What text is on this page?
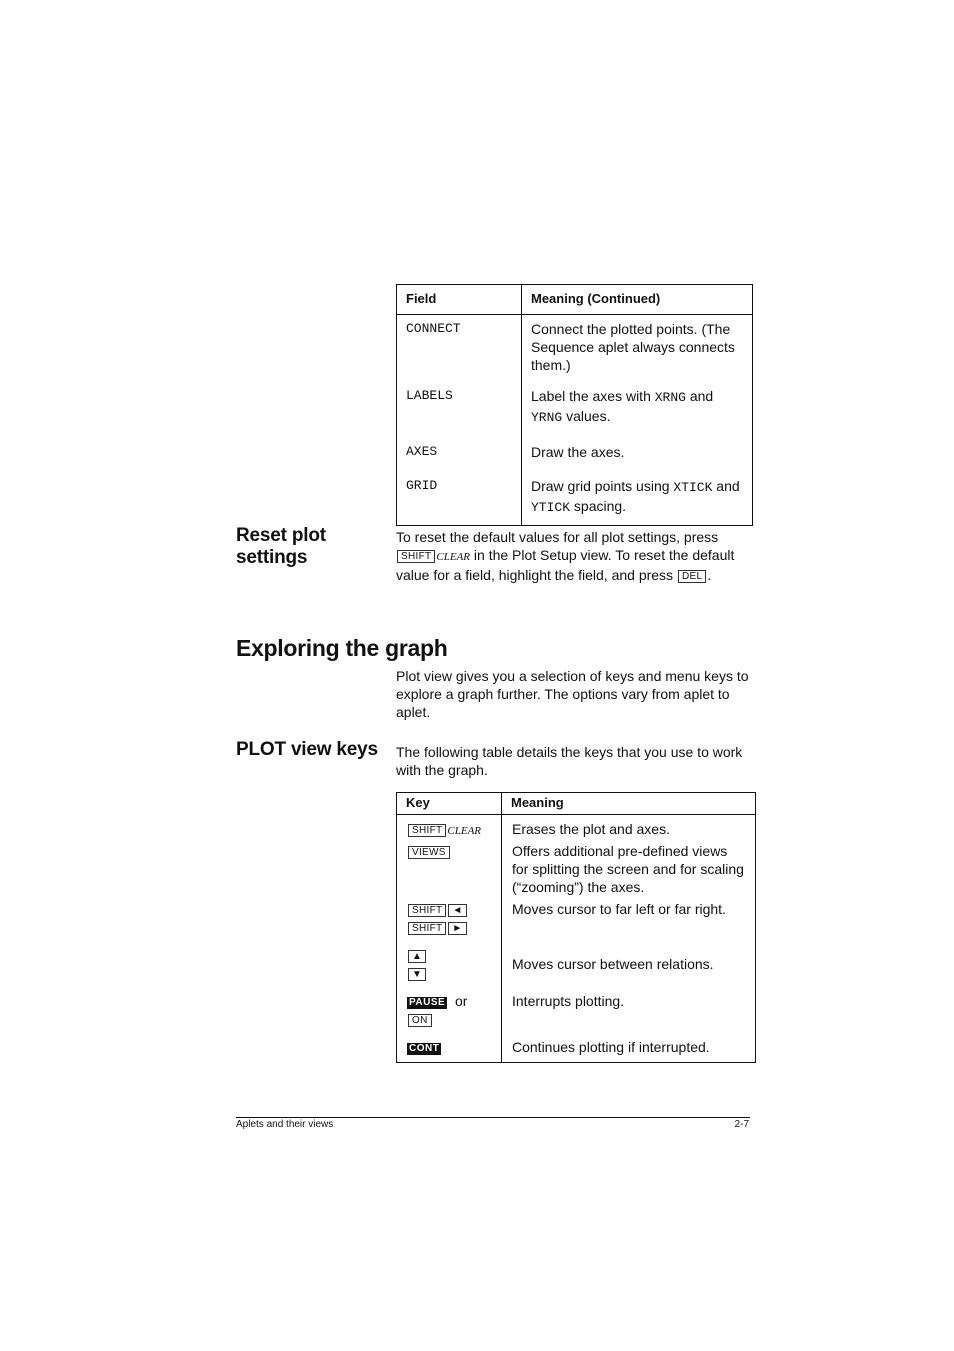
Field	Meaning (Continued)
CONNECT	Connect the plotted points. (The Sequence aplet always connects them.)
LABELS	Label the axes with XRNG and YRNG values.
AXES	Draw the axes.
GRID	Draw grid points using XTICK and YTICK spacing.
Reset plot
settings
To reset the default values for all plot settings, press
SHIFT CLEAR in the Plot Setup view. To reset the default value for a field, highlight the field, and press DEL .
Exploring the graph
Plot view gives you a selection of keys and menu keys to explore a graph further. The options vary from aplet to aplet.
PLOT view keys The following table details the keys that you use to work with the graph.
Key	Meaning

SHIFT CLEAR	Erases the plot and axes.

VIEWS	Offers additional pre-defined views for splitting the screen and for scaling (“zooming”) the axes.

SHIFT ◄
SHIFT ►	Moves cursor to far left or far right.

▲
▼	Moves cursor between relations.

PAUSE or
ON	Interrupts plotting.

CONT	Continues plotting if interrupted.
Aplets and their views	2-7
